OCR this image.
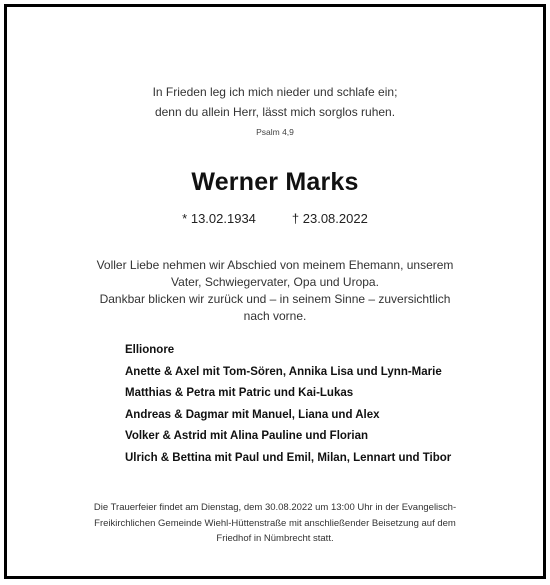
In Frieden leg ich mich nieder und schlafe ein;
denn du allein Herr, lässt mich sorglos ruhen.
Psalm 4,9
Werner Marks
* 13.02.1934	† 23.08.2022
Voller Liebe nehmen wir Abschied von meinem Ehemann, unserem
Vater, Schwiegervater, Opa und Uropa.
Dankbar blicken wir zurück und – in seinem Sinne – zuversichtlich
nach vorne.
Ellionore
Anette & Axel mit Tom-Sören, Annika Lisa und Lynn-Marie
Matthias & Petra mit Patric und Kai-Lukas
Andreas & Dagmar mit Manuel, Liana und Alex
Volker & Astrid mit Alina Pauline und Florian
Ulrich & Bettina mit Paul und Emil, Milan, Lennart und Tibor
Die Trauerfeier findet am Dienstag, dem 30.08.2022 um 13:00 Uhr in der Evangelisch-
Freikirchlichen Gemeinde Wiehl-Hüttenstraße mit anschließender Beisetzung auf dem
Friedhof in Nümbrecht statt.
